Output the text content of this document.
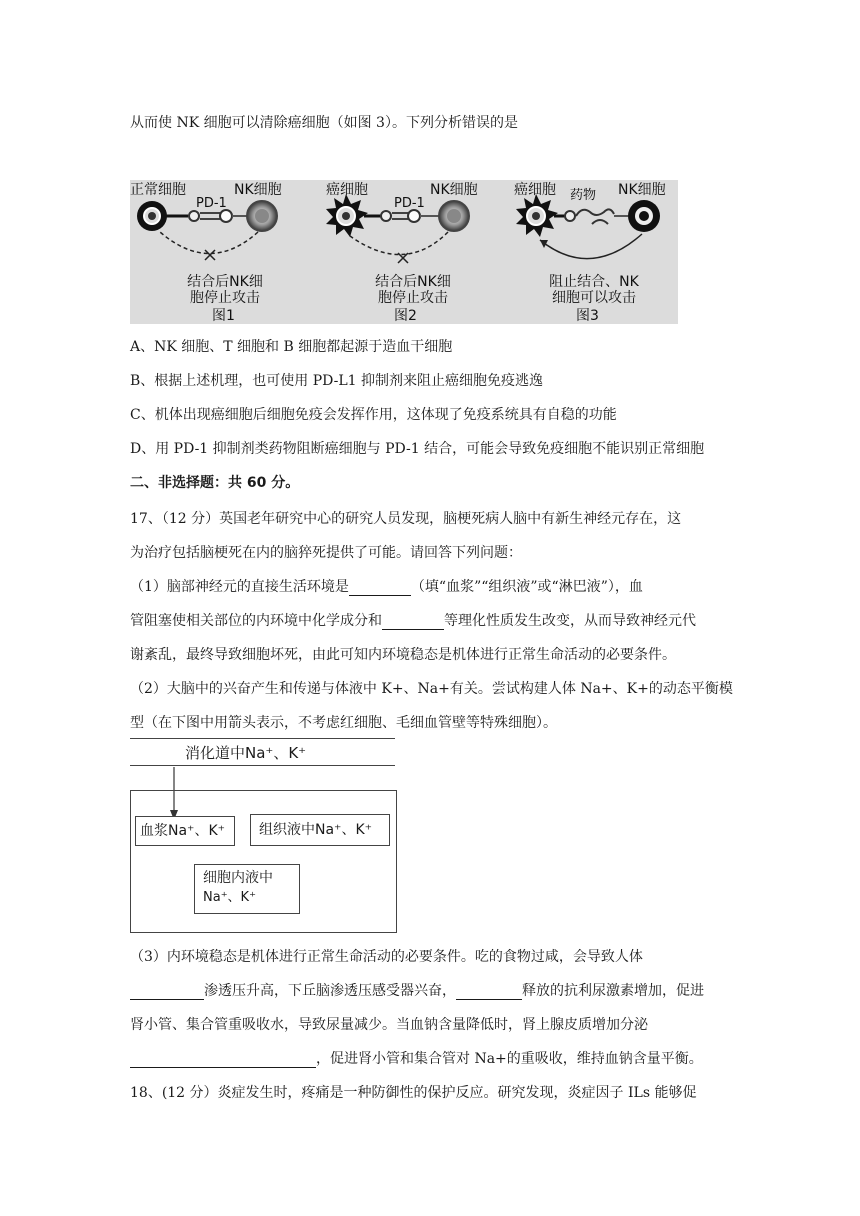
从而使 NK 细胞可以清除癌细胞（如图 3）。下列分析错误的是
正常细胞	NK细胞
PD-1
结合后NK细
胞停止攻击
图1
癌细胞	NK细胞
PD-1
结合后NK细
胞停止攻击
图2
癌细胞 药物 NK细胞
阻止结合、NK
细胞可以攻击
图3
A、NK 细胞、T 细胞和 B 细胞都起源于造血干细胞
B、根据上述机理，也可使用 PD-L1 抑制剂来阻止癌细胞免疫逃逸
C、机体出现癌细胞后细胞免疫会发挥作用，这体现了免疫系统具有自稳的功能
D、用 PD-1 抑制剂类药物阻断癌细胞与 PD-1 结合，可能会导致免疫细胞不能识别正常细胞
二、非选择题：共 60 分。
17、（12 分）英国老年研究中心的研究人员发现，脑梗死病人脑中有新生神经元存在，这
为治疗包括脑梗死在内的脑猝死提供了可能。请回答下列问题：
（1）脑部神经元的直接生活环境是	（填“血浆”“组织液”或“淋巴液”），血
管阻塞使相关部位的内环境中化学成分和	等理化性质发生改变，从而导致神经元代
谢紊乱，最终导致细胞坏死，由此可知内环境稳态是机体进行正常生命活动的必要条件。
（2）大脑中的兴奋产生和传递与体液中 K+、Na+有关。尝试构建人体 Na+、K+的动态平衡模
型（在下图中用箭头表示，不考虑红细胞、毛细血管壁等特殊细胞）。
消化道中Na⁺、K⁺
血浆Na⁺、K⁺	组织液中Na⁺、K⁺
细胞内液中
Na⁺、K⁺
（3）内环境稳态是机体进行正常生命活动的必要条件。吃的食物过咸，会导致人体
渗透压升高，下丘脑渗透压感受器兴奋，	释放的抗利尿激素增加，促进
肾小管、集合管重吸收水，导致尿量减少。当血钠含量降低时，肾上腺皮质增加分泌
，促进肾小管和集合管对 Na+的重吸收，维持血钠含量平衡。
18、(12 分）炎症发生时，疼痛是一种防御性的保护反应。研究发现，炎症因子 ILs 能够促
